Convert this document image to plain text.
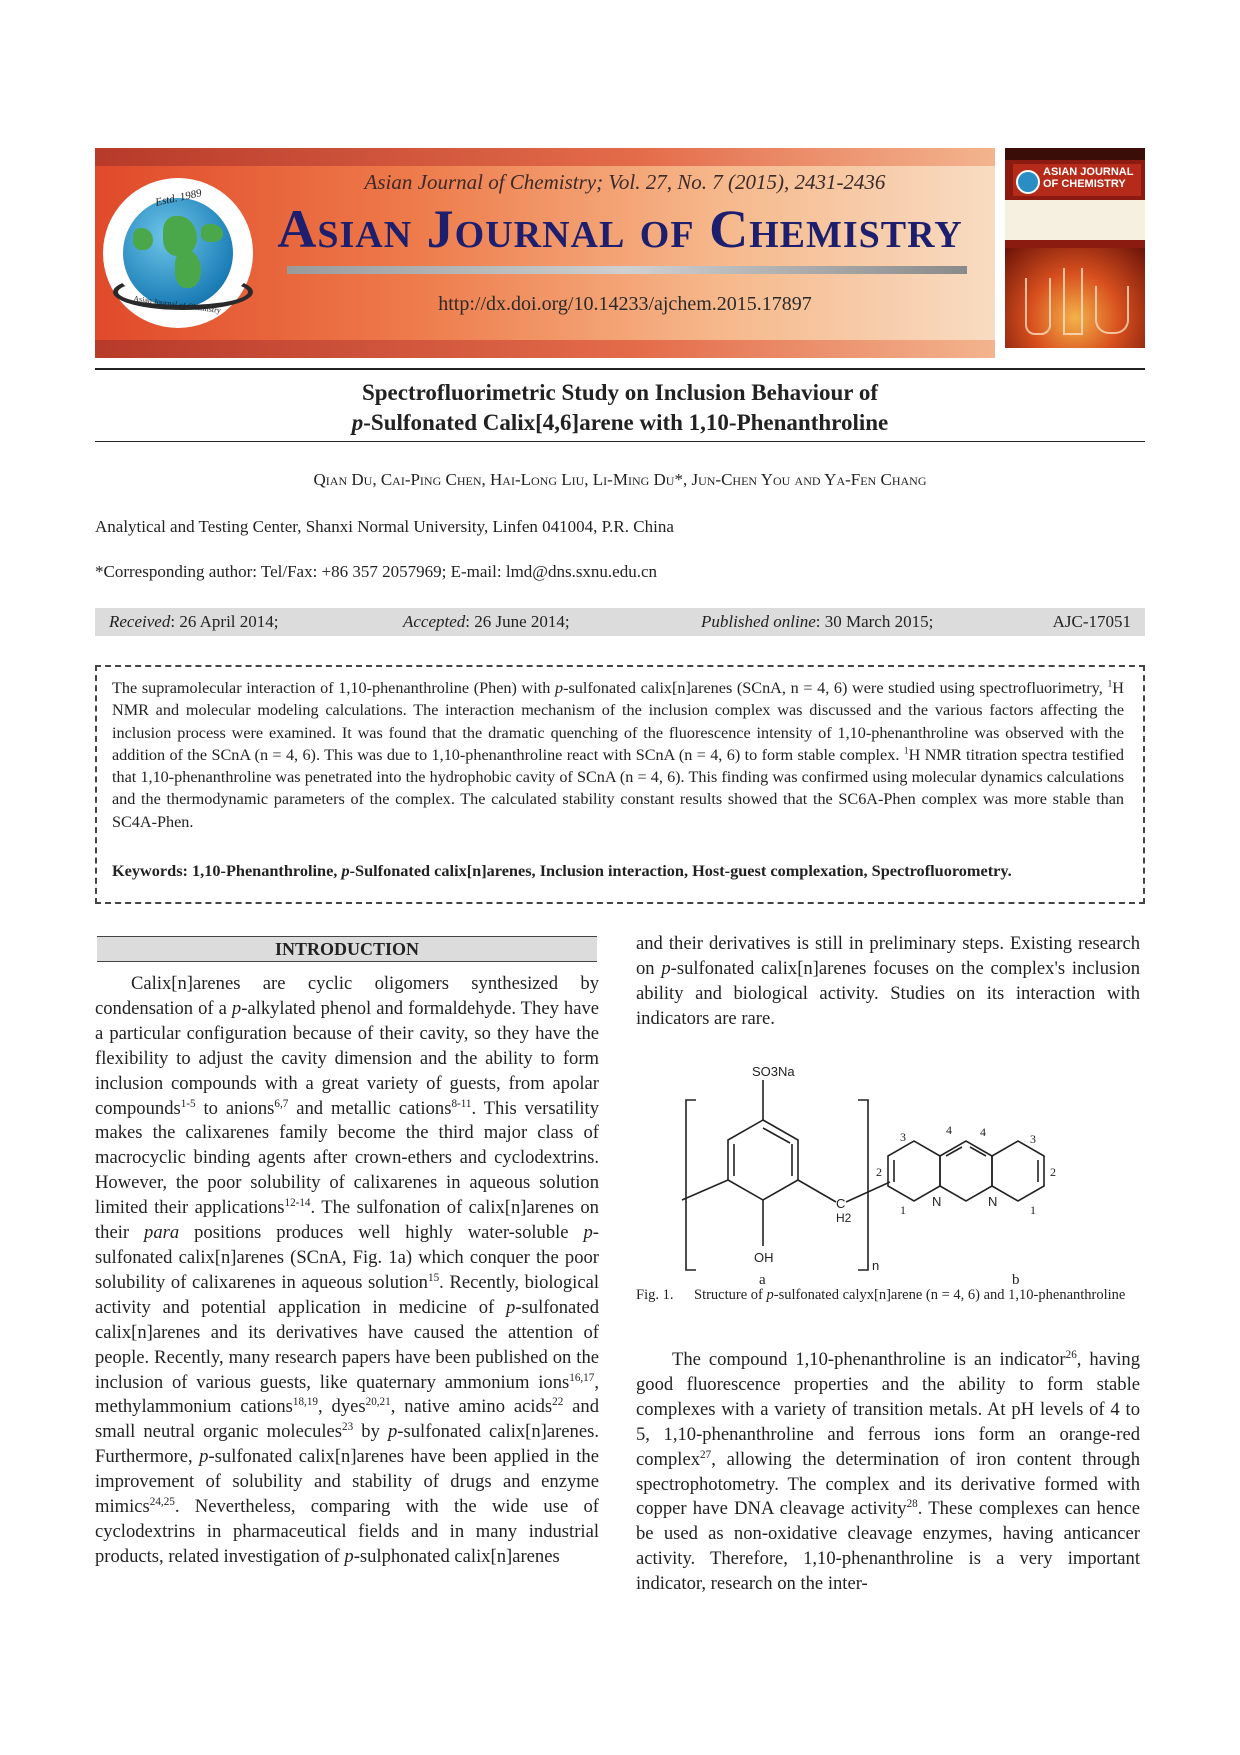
Estd. 1989
Asian Journal of Chemistry
Asian Journal of Chemistry; Vol. 27, No. 7 (2015), 2431-2436
Asian Journal of Chemistry
http://dx.doi.org/10.14233/ajchem.2015.17897
ASIAN JOURNAL OF CHEMISTRY
Spectrofluorimetric Study on Inclusion Behaviour of
p-Sulfonated Calix[4,6]arene with 1,10-Phenanthroline
Qian Du, Cai-Ping Chen, Hai-Long Liu, Li-Ming Du*, Jun-Chen You and Ya-Fen Chang
Analytical and Testing Center, Shanxi Normal University, Linfen 041004, P.R. China
*Corresponding author: Tel/Fax: +86 357 2057969; E-mail: lmd@dns.sxnu.edu.cn
Received : 26 April 2014;	Accepted : 26 June 2014;	Published online : 30 March 2015;	AJC-17051
The supramolecular interaction of 1,10-phenanthroline (Phen) with p-sulfonated calix[n]arenes (SCnA, n = 4, 6) were studied using spectrofluorimetry, $^1$H NMR and molecular modeling calculations. The interaction mechanism of the inclusion complex was discussed and the various factors affecting the inclusion process were examined. It was found that the dramatic quenching of the fluorescence intensity of 1,10-phenanthroline was observed with the addition of the SCnA (n = 4, 6). This was due to 1,10-phenanthroline react with SCnA (n = 4, 6) to form stable complex. $^1$H NMR titration spectra testified that 1,10-phenanthroline was penetrated into the hydrophobic cavity of SCnA (n = 4, 6). This finding was confirmed using molecular dynamics calculations and the thermodynamic parameters of the complex. The calculated stability constant results showed that the SC6A-Phen complex was more stable than SC4A-Phen.
Keywords: 1,10-Phenanthroline, p-Sulfonated calix[n]arenes, Inclusion interaction, Host-guest complexation, Spectrofluorometry.
INTRODUCTION

Calix[n]arenes are cyclic oligomers synthesized by condensation of a p-alkylated phenol and formaldehyde. They have a particular configuration because of their cavity, so they have the flexibility to adjust the cavity dimension and the ability to form inclusion compounds with a great variety of guests, from apolar compounds$^{1-5}$ to anions$^{6,7}$ and metallic cations$^{8-11}$. This versatility makes the calixarenes family become the third major class of macrocyclic binding agents after crown-ethers and cyclodextrins. However, the poor solubility of calixarenes in aqueous solution limited their applications$^{12-14}$. The sulfonation of calix[n]arenes on their para positions produces well highly water-soluble p-sulfonated calix[n]arenes (SCnA, Fig. 1a) which conquer the poor solubility of calixarenes in aqueous solution$^{15}$. Recently, biological activity and potential application in medicine of p-sulfonated calix[n]arenes and its derivatives have caused the attention of people. Recently, many research papers have been published on the inclusion of various guests, like quaternary ammonium ions$^{16,17}$, methylammonium cations$^{18,19}$, dyes$^{20,21}$, native amino acids$^{22}$ and small neutral organic molecules$^{23}$ by p-sulfonated calix[n]arenes. Furthermore, p-sulfonated calix[n]arenes have been applied in the improvement of solubility and stability of drugs and enzyme mimics$^{24,25}$. Nevertheless, comparing with the wide use of cyclodextrins in pharmaceutical fields and in many industrial products, related investigation of p-sulphonated calix[n]arenes

and their derivatives is still in preliminary steps. Existing research on p-sulfonated calix[n]arenes focuses on the complex's inclusion ability and biological activity. Studies on its interaction with indicators are rare.

SO3Na
OH
C
H2
n
a
4 4
3	3
2	2
1	1
N	N
b
Fig. 1. Structure of p-sulfonated calyx[n]arene (n = 4, 6) and 1,10-phenanthroline

The compound 1,10-phenanthroline is an indicator$^{26}$, having good fluorescence properties and the ability to form stable complexes with a variety of transition metals. At pH levels of 4 to 5, 1,10-phenanthroline and ferrous ions form an orange-red complex$^{27}$, allowing the determination of iron content through spectrophotometry. The complex and its derivative formed with copper have DNA cleavage activity$^{28}$. These complexes can hence be used as non-oxidative cleavage enzymes, having anticancer activity. Therefore, 1,10-phenanthroline is a very important indicator, research on the inter-
